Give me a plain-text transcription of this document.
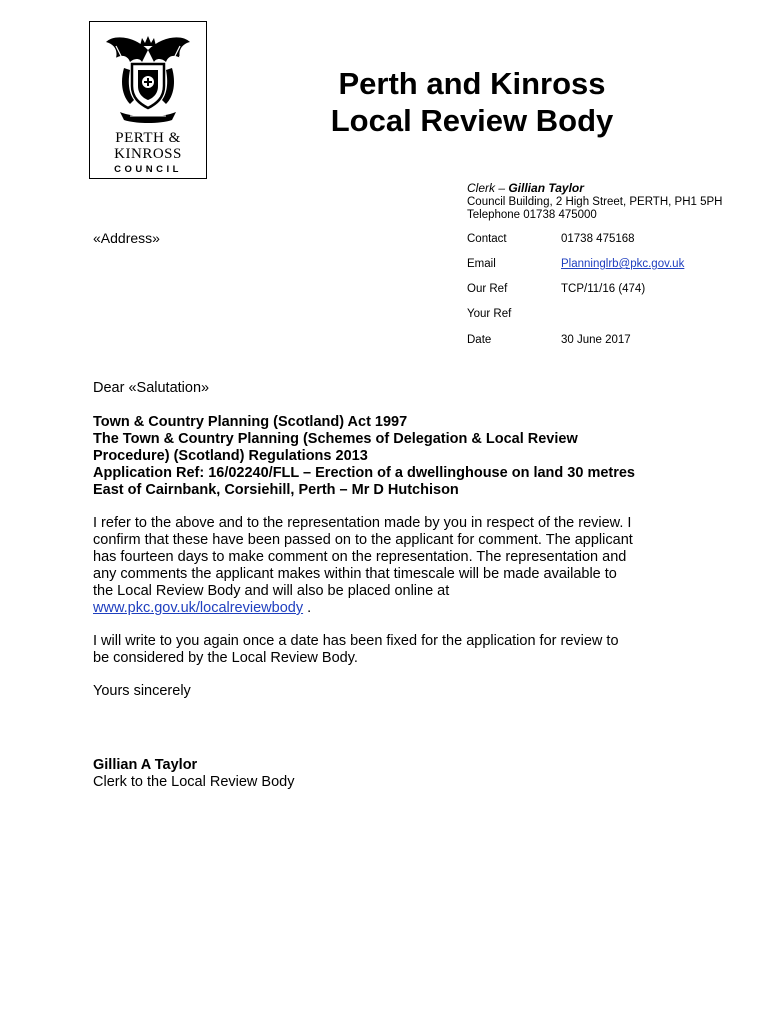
PERTH &
KINROSS
COUNCIL
Perth and Kinross
Local Review Body
Clerk – Gillian Taylor
Council Building, 2 High Street, PERTH, PH1 5PH
Telephone 01738 475000
«Address»	Contact	01738 475168
Email	Planninglrb@pkc.gov.uk
Our Ref	TCP/11/16 (474)
Your Ref
Date	30 June 2017
Dear «Salutation»
Town & Country Planning (Scotland) Act 1997
The Town & Country Planning (Schemes of Delegation & Local Review
Procedure) (Scotland) Regulations 2013
Application Ref: 16/02240/FLL – Erection of a dwellinghouse on land 30 metres
East of Cairnbank, Corsiehill, Perth – Mr D Hutchison
I refer to the above and to the representation made by you in respect of the review. I
confirm that these have been passed on to the applicant for comment. The applicant
has fourteen days to make comment on the representation. The representation and
any comments the applicant makes within that timescale will be made available to
the Local Review Body and will also be placed online at
www.pkc.gov.uk/localreviewbody .
I will write to you again once a date has been fixed for the application for review to
be considered by the Local Review Body.
Yours sincerely
Gillian A Taylor
Clerk to the Local Review Body
